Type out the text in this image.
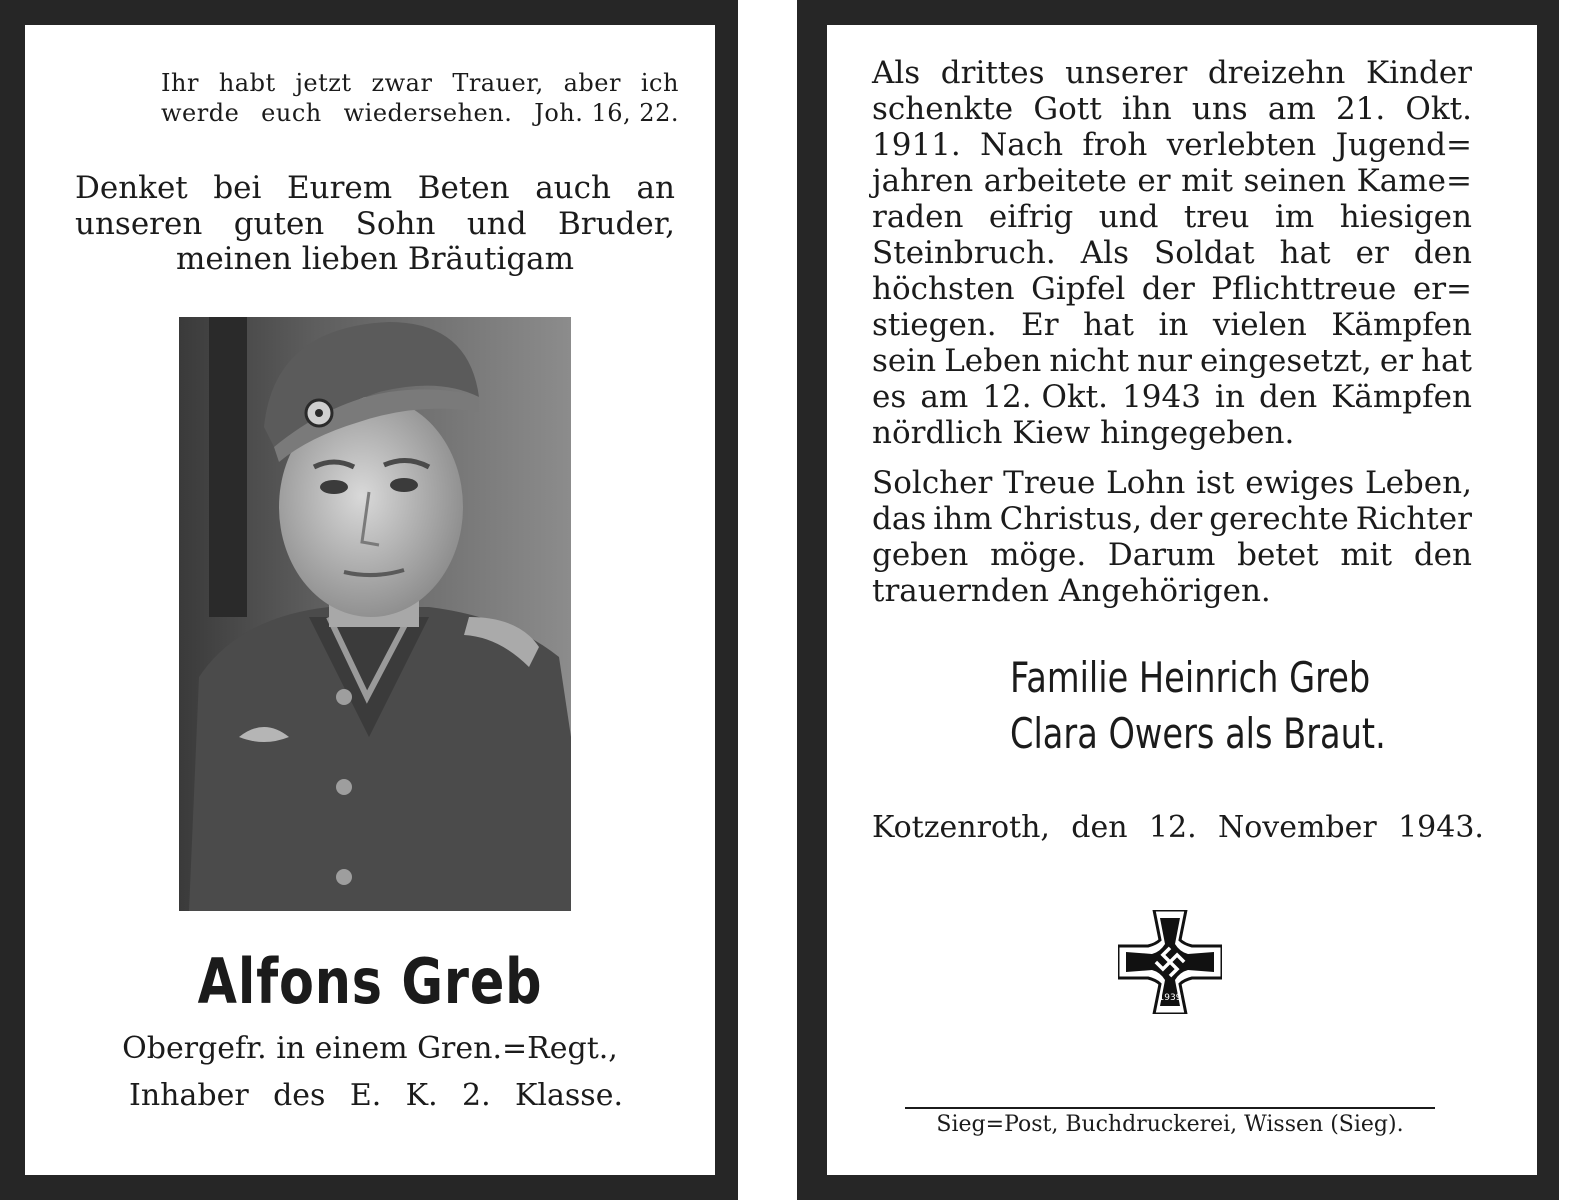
Ihr habt jetzt zwar Trauer, aber ich
werde euch wiedersehen. Joh. 16, 22.
Denket bei Eurem Beten auch an
unseren guten Sohn und Bruder,
meinen lieben Bräutigam
Alfons Greb
Obergefr. in einem Gren.=Regt.,
Inhaber des E. K. 2. Klasse.
Als drittes unserer dreizehn Kinder
schenkte Gott ihn uns am 21. Okt.
1911. Nach froh verlebten Jugend=
jahren arbeitete er mit seinen Kame=
raden eifrig und treu im hiesigen
Steinbruch. Als Soldat hat er den
höchsten Gipfel der Pflichttreue er=
stiegen. Er hat in vielen Kämpfen
sein Leben nicht nur eingesetzt, er hat
es am 12. Okt. 1943 in den Kämpfen
nördlich Kiew hingegeben.
Solcher Treue Lohn ist ewiges Leben,
das ihm Christus, der gerechte Richter
geben möge. Darum betet mit den
trauernden Angehörigen.
Familie Heinrich Greb
Clara Owers als Braut.
Kotzenroth, den 12. November 1943.
1939
Sieg=Post, Buchdruckerei, Wissen (Sieg).
